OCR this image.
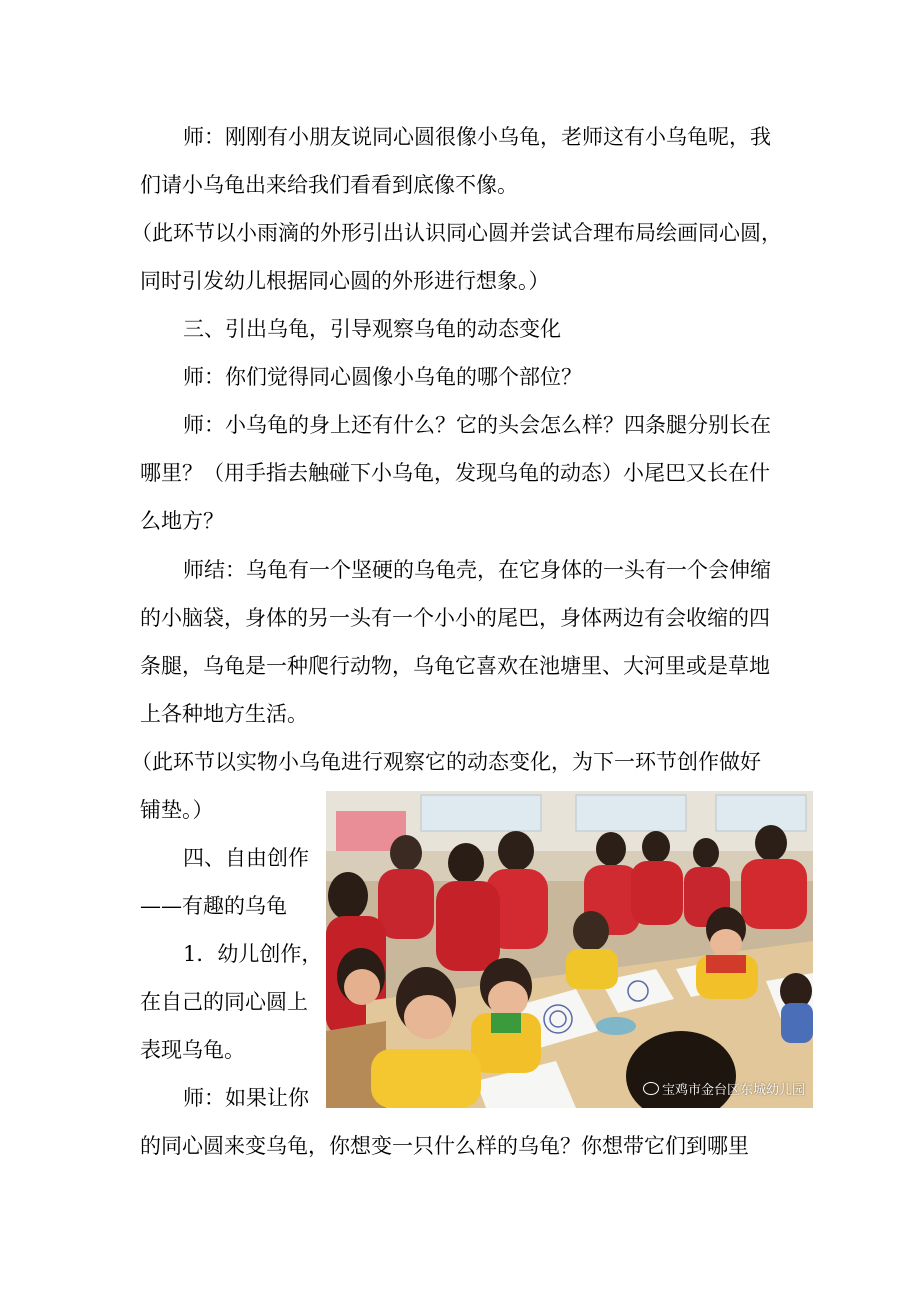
师：刚刚有小朋友说同心圆很像小乌龟，老师这有小乌龟呢，我
们请小乌龟出来给我们看看到底像不像。
（此环节以小雨滴的外形引出认识同心圆并尝试合理布局绘画同心圆，
同时引发幼儿根据同心圆的外形进行想象。）
三、引出乌龟，引导观察乌龟的动态变化
师：你们觉得同心圆像小乌龟的哪个部位？
师：小乌龟的身上还有什么？它的头会怎么样？四条腿分别长在
哪里？（用手指去触碰下小乌龟，发现乌龟的动态）小尾巴又长在什
么地方？
师结：乌龟有一个坚硬的乌龟壳，在它身体的一头有一个会伸缩
的小脑袋，身体的另一头有一个小小的尾巴，身体两边有会收缩的四
条腿，乌龟是一种爬行动物，乌龟它喜欢在池塘里、大河里或是草地
上各种地方生活。
（此环节以实物小乌龟进行观察它的动态变化，为下一环节创作做好
铺垫。）
四、自由创作
——有趣的乌龟
1．幼儿创作，
在自己的同心圆上
表现乌龟。
师：如果让你
的同心圆来变乌龟，你想变一只什么样的乌龟？你想带它们到哪里
宝鸡市金台区东城幼儿园
